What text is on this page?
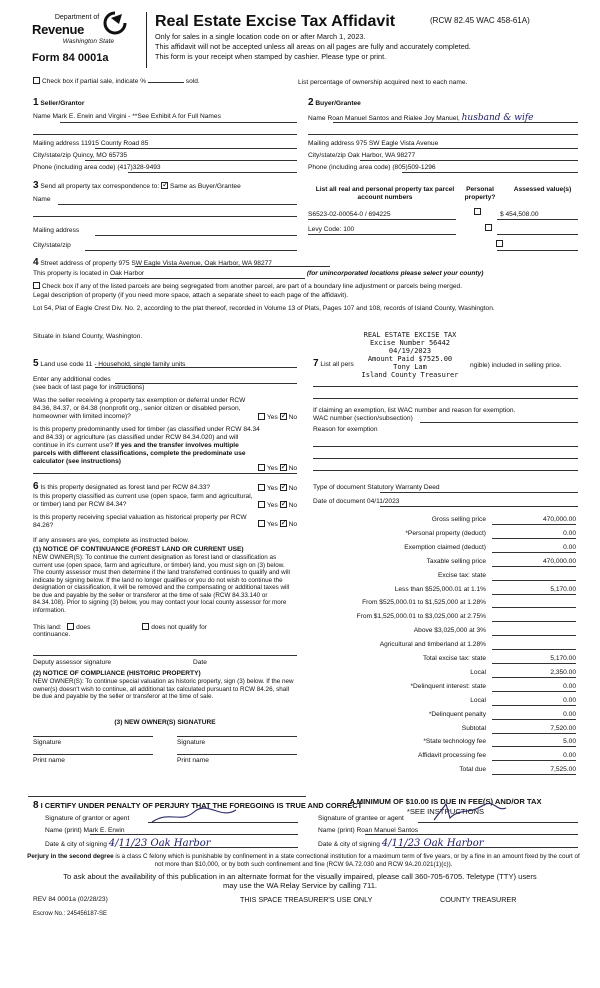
Department of
Revenue
Washington State
Form 84 0001a
Real Estate Excise Tax Affidavit	(RCW 82.45 WAC 458-61A)
Only for sales in a single location code on or after March 1, 2023.
This affidavit will not be accepted unless all areas on all pages are fully and accurately completed.
This form is your receipt when stamped by cashier. Please type or print.
Check box if partial sale, indicate %	sold.	List percentage of ownership acquired next to each name.
1 Seller/Grantor
Name Mark E. Erwin and Virgini - **See Exhibit A for Full Names
Mailing address 11915 County Road 85
City/state/zip Quincy, MO 65735
Phone (including area code) (417)328-9493
2 Buyer/Grantee
Name Roan Manuel Santos and Rialee Joy Manuel, husband & wife
Mailing address 975 SW Eagle Vista Avenue
City/state/zip Oak Harbor, WA 98277
Phone (including area code) (805)509-1296
3 Send all property tax correspondence to: ✓ Same as Buyer/Grantee
Name
Mailing address
City/state/zip
List all real and personal property tax parcel account numbers
Personal property?
Assessed value(s)
S6523-02-00054-0 / 694225
	$ 454,508.00
Levy Code: 100

4 Street address of property 975 SW Eagle Vista Avenue, Oak Harbor, WA 98277
This property is located in Oak Harbor	(for unincorporated locations please select your county)
Check box if any of the listed parcels are being segregated from another parcel, are part of a boundary line adjustment or parcels being merged.
Legal description of property (if you need more space, attach a separate sheet to each page of the affidavit).
Lot 54, Plat of Eagle Crest Div. No. 2, according to the plat thereof, recorded in Volume 13 of Plats, Pages 107 and 108, records of Island County, Washington.
Situate in Island County, Washington.	REAL ESTATE EXCISE TAX
Excise Number 56442
04/19/2023
Amount Paid $7525.00
Tony Lam
Island County Treasurer
5 Land use code 11 - Household, single family units
Enter any additional codes
(see back of last page for instructions)
Was the seller receiving a property tax exemption or deferral under RCW 84.36, 84.37, or 84.38 (nonprofit org., senior citizen or disabled person, homeowner with limited income)?	Yes ✓ No
Is this property predominantly used for timber (as classified under RCW 84.34 and 84.33) or agriculture (as classified under RCW 84.34.020) and will continue in it's current use? If yes and the transfer involves multiple parcels with different classifications, complete the predominate use calculator (see instructions)
Yes ✓ No
7 List all pers	ngible) included in selling price.
If claiming an exemption, list WAC number and reason for exemption.
WAC number (section/subsection)
Reason for exemption
6 Is this property designated as forest land per RCW 84.33?	Yes ✓ No
Is this property classified as current use (open space, farm and agricultural, or timber) land per RCW 84.34?	Yes ✓ No
Is this property receiving special valuation as historical property per RCW 84.26?	Yes ✓ No
If any answers are yes, complete as instructed below.
(1) NOTICE OF CONTINUANCE (FOREST LAND OR CURRENT USE)
NEW OWNER(S): To continue the current designation as forest land or classification as current use (open space, farm and agriculture, or timber) land, you must sign on (3) below. The county assessor must then determine if the land transferred continues to qualify and will indicate by signing below. If the land no longer qualifies or you do not wish to continue the designation or classification, it will be removed and the compensating or additional taxes will be due and payable by the seller or transferor at the time of sale (RCW 84.33.140 or 84.34.108). Prior to signing (3) below, you may contact your local county assessor for more information.
This land: does	does not qualify for
continuance.
Deputy assessor signature	Date
(2) NOTICE OF COMPLIANCE (HISTORIC PROPERTY)
NEW OWNER(S): To continue special valuation as historic property, sign (3) below. If the new owner(s) doesn't wish to continue, all additional tax calculated pursuant to RCW 84.26, shall be due and payable by the seller or transferor at the time of sale.
(3) NEW OWNER(S) SIGNATURE
Signature	Signature
Print name	Print name
Type of document Statutory Warranty Deed
Date of document 04/11/2023
Gross selling price	470,000.00
*Personal property (deduct)	0.00
Exemption claimed (deduct)	0.00
Taxable selling price	470,000.00
Excise tax: state
Less than $525,000.01 at 1.1%	5,170.00
From $525,000.01 to $1,525,000 at 1.28%
From $1,525,000.01 to $3,025,000 at 2.75%
Above $3,025,000 at 3%
Agricultural and timberland at 1.28%
Total excise tax: state	5,170.00
Local	2,350.00
*Delinquent interest: state	0.00
Local	0.00
*Delinquent penalty	0.00
Subtotal	7,520.00
*State technology fee	5.00
Affidavit processing fee	0.00
Total due	7,525.00
A MINIMUM OF $10.00 IS DUE IN FEE(S) AND/OR TAX
*SEE INSTRUCTIONS
8 I CERTIFY UNDER PENALTY OF PERJURY THAT THE FOREGOING IS TRUE AND CORRECT
Signature of grantor or agent
Name (print) Mark E. Erwin
Date & city of signing 4/11/23 Oak Harbor
Signature of grantee or agent
Name (print) Roan Manuel Santos
Date & city of signing 4/11/23 Oak Harbor
Perjury in the second degree is a class C felony which is punishable by confinement in a state correctional institution for a maximum term of five years, or by a fine in an amount fixed by the court of not more than $10,000, or by both such confinement and fine (RCW 9A.72.030 and RCW 9A.20.021(1)(c)).
To ask about the availability of this publication in an alternate format for the visually impaired, please call 360-705-6705. Teletype (TTY) users may use the WA Relay Service by calling 711.
REV 84 0001a (02/28/23)	THIS SPACE TREASURER'S USE ONLY	COUNTY TREASURER
Escrow No.: 245456187-SE
